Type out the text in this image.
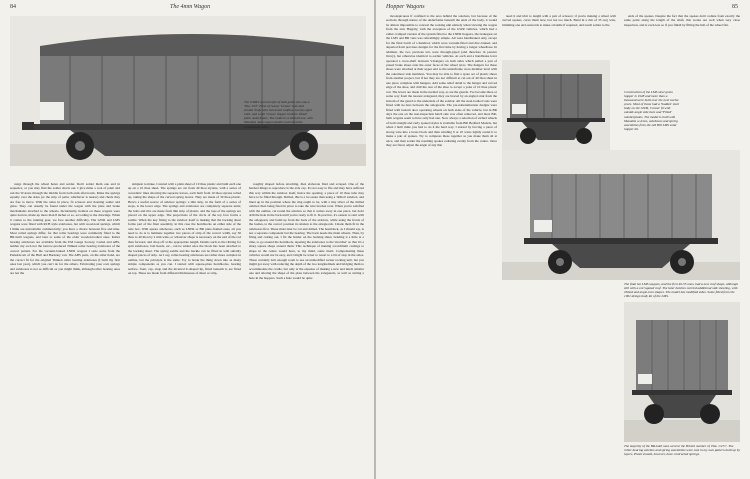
84	The 4mm Wagon
The GWR's second style of bulk grain van was a 'Dia. V23'. Fleet of twenty 'Grano' vans had similar body with shortened roofline, twenty-eight built, and a tall 'Grano' hopper built on 'fitted' plain underframe. The model is a kitbuilt one, with Masokits 4mm wagon details and extensive scratchbuilt sides.

tongs through the wheel holes and solder. Don't solder them one end in sequence, or you may find the solder shorts out. I give mine a coat of paint and run the W-irons through the middle from both ends afterwards. Make the springs equally over the sides (or the strip of paint, whichever is nearer) and check they are free to move. With the axles in place, fit scissors and cleaning solder and glass. They can usually be found under the wagon with the plate and brake mechanisms attached to the wheels. Incidentally, holders on these wagons were quite narrow, made up more than 8 inches or so, according to the drawings. When it comes to the running gear, we face another difficulty. The GWR and LMS wagons were fitted with RCH style axleboxes, but with wood-leaf springs, which I think are unavailable commercially; you have a choice between five and nine. Most rolled springs differ, for that roller bearings were commonly fitted to the BR-built wagons, and later to some of the older wooden-bodied ones. Roller bearing axleboxes are available from the EM Gauge Society, Comet and ABS, neither my own nor the barrow-produced Timken roller bearing axleboxes of the correct pattern. For the vacuum-braked LNER wagons I stole some from the Parkside kit of the Hull and Barnsley van. The ABS parts, on the other hand, are the correct fit for the original Timken roller bearing axleboxes (I built my first ones last year), which you can't do for the others. Fabricating your own springs and axleboxes is not as difficult as you might think, although roller bearing ones are not the

simplest to make. I started with a plain sheet of 10 thou plastic and built each one up on a 10 thou sheet. The springs are cut from 40 thou styrene, with a series of concentric lines showing the separate leaves, each built from 10 thou styrene rolled up, taking the shape of the curved spring leaves. They are made of 30 thou plastic. Here's a useful source of axlebox springs: a thin strip, in the form of a series of steps, is the lower edge. The springs and axleboxes are completely separate units; the bolts and ribs are made from thin strip of plastic, and the tops of the springs are placed on the upper edge. The projections of the circle of the top face forms a saddle. When the key fixing to the axlebox itself is making that the backing sheet forms part of the final assembly, in this case the hornblocks on either side of the axle box. With square axleboxes, such as LNER or BR plate-framed ones, all you need to do is to laminate together two pieces of strip of the correct width, say 30 thou to 40 thou by 2 mm wide, or whatever shape is necessary on the end of the rod then forward, and chop off at the appropriate length. Details such as the ribbing for split axleboxes, bolt heads, etc., can be added once the block has been attached to the backing sheet. The spring saddle and the buckle can be filled in with suitably shaped pieces of strip. As I say, roller-bearing axleboxes are rather more complex in outline, but the principle is the same. Try to break the thing down into as many simple components as you can. I started with square-plate hornblocks, bearing surface, front, cap, strap and the inverted U-shaped lip, fitted beneath it, are fitted on top. These are made from different thicknesses of sheet or strip,

roughly shaped before attaching, then elaborate filed and scraped. One of the hardest things to reproduce is the axle cap. It's not easy to file and may have suffered this way within the axlebox itself, hence the opening, a piece of 10 thou tube may have to be filled through. Drilled, this is a lot easier than using a 'drilled' axlebox, and lined up in the position where the ring ought to be, with a tiny sliver of the drilled axlebox then being fixed in place to take the wire bracket rods. When you're satisfied with the outline, cut round the axlebox so that it comes away in one piece, but don't drill the hole in the back until you're ready to fit it. In practice, it's easiest to start with the axleguard, and build up from the back of the axlebox, while using the fronts of the bodies, to the correct position in relation to the axleguards. I made them fit in the axleboxes first. These must later be cut and drilled. The hornblock, as I should say, is not a separate component but the bearing. The back needs the main wheels. Then, by filing and cutting out, I fix the holder on the backing sheet, bending it a little at a time, to go around the hornblock, tapering the axleboxes to the 'stretcher' so that it's a sharp square shape around them. This technique of making scratchbuilt castings to shape in the centre would have, to my mind, some merit. Compensating these vehicles would not be easy, and I might be wiser to resort to a bit of slop in the axles. These certainly isn't enough room to use an unmodified rocker rocking unit, but you might get away with reducing the depth of the two longitudinals and bridging them to accommodate the cradle, but only at the expense of making a new and much smaller one and altering the shape of the plate between the axleguards, as well as cutting a hole in the hoppers. Such a hole would be quite

Hopper Wagons	85

inconspicuous if confined to the area behind the solebars, but because of the sections through nature of the underframe beneath the ends of the body, it would be almost impossible to conceal the rocking unit entirely when viewing the wagon from the end. Happily, with the exception of the GWR vehicles, which had a rather cramped version of the system fitted to the LNER hoppers, the brakegear on the LMS and BR vans was refreshingly simple. All were handbraked only, except for the final batch of a hundred, which were vacuum-fitted and disc-braked, and departed from previous designs for the first time by having a longer wheelbase. In addition, the two previous lots were through-piped (and therefore in passive livery), but otherwise identical to earlier vehicles. At each end a handbrake lever operated a cross-shaft between V-hangers on both sides which pulled a pair of yoked brake shoes onto the outer faces of the wheel tyres. The hangers for these shoes were attached at their upper end to the underframe cross member level with the outermost side members. You may be able to find a spare set of plastic shoes from another project, but if not they are not difficult to cut out of 40 thou sheet in one piece complete with hangers. Add some relief detail to the hanger and curved edge of the shoe, and drill the rear of the shoe to accept a yoke of 10 thou plastic rod. The levers are made in the normal way, as are the guards. I've become three or some way from the nearest axleguard, they are braced by an angled strut from the bottom of the guard to the underside of the solebar. All the steel-bodied vans were fitted with tie-bars between the axleguards. The pre-nationalisation designs were fitted with bottom door operating wheels on both sides of the vehicle, but in BR days the one on the non-inspection hatch side was often removed, and most BR-built wagons seem to have only had one. Now always a selection of etched wheels of both straight and curly spoked styles is available from Bill Bedford Models, but when I built mine you had to do it the hard way. I started by forcing a piece of strong wire into a brass block and then winding 9 or 10 wires tightly round it to make a pair of spokes. Try to compress these together as you make them all at once, and then solder the resulting spokes radiating evenly from the centre. Once they are fixed, adjust the angle of any that

need it and trim to length with a pair of scissors; if you're making a wheel with curved spokes, curve them now, but not too much. Bend in a rim of 35 swg wire, trimming one end outwards to make a handle if required, and touch solder to the

ends of the spokes. Despite the fact that the spokes don't radiate from exactly the same point along the length of the shaft, this works out well when very close inspection, and is even less so if you finish by filling the hub of the wheel flat.

Construction of the LMS steel grain hopper is 1928 and more than a thousand were built over the next twelve years. Most of those had a 'Sudden' steel body on the GWR, 'Grano' fit with outside angle side bars and 'Fitted' numberplates. The model is built with Masokits w-irons, axleboxes and spring assemblies from the old Bill LMS solar hopper kit.
The final ten LMS wagons, and the first 40-55 ones, had a new roof shape, although still with a corrugated roof. The later batches carried additional side sheeting, with ribbed and angle-iron shapes. The model has modified sides. Some fitted from the 1961 design body kit of the LMS.
The majority of the BR-built vans went to the Bristol number of 'Dia. 1/271'. The roller-bearing axlebox and spring assemblies were cast in my own pattern built up by layers, Photo should, however, have contracted springs.
